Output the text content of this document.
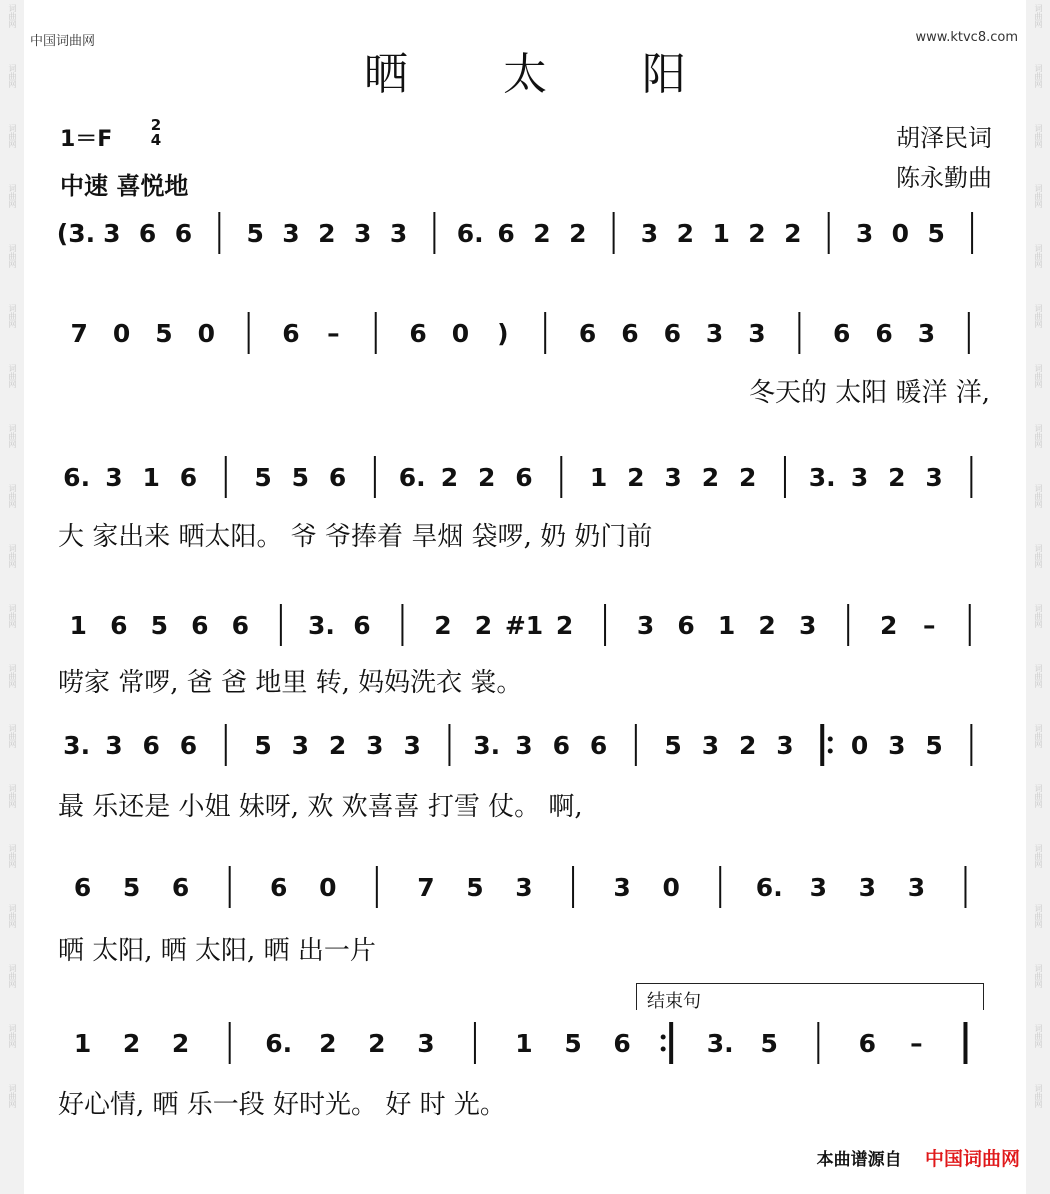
词曲网
词曲网
词曲网
词曲网
词曲网
词曲网
词曲网
词曲网
词曲网
词曲网
词曲网
词曲网
词曲网
词曲网
词曲网
词曲网
词曲网
词曲网
词曲网
词曲网
词曲网
词曲网
词曲网
词曲网
词曲网
词曲网
词曲网
词曲网
词曲网
词曲网
词曲网
词曲网
词曲网
词曲网
词曲网
词曲网
词曲网
词曲网
中国词曲网	www.ktvc8.com
晒太阳
1＝F
2
4
中速 喜悦地
胡泽民词
陈永勤曲
(3. 3 6 6 5 3 2 3 3 6. 6 2 2 3 2 1 2 2 3 0 5
7 0 5 0	6 –	6 0 )	6 6 6 3 3	6 6 3
冬天的 太阳 暖洋 洋,
6. 3 1 6 5 5 6 6. 2 2 6 1 2 3 2 2 3. 3 2 3
大 家出来 晒太阳。 爷 爷捧着 旱烟 袋啰, 奶 奶门前
1 6 5 6 6 3. 6	2 2 #1 2	3 6 1 2 3	2 –
唠家 常啰, 爸 爸 地里 转, 妈妈洗衣 裳。
3. 3 6 6 5 3 2 3 3 3. 3 6 6 5 3 2 3 0 3 5
最 乐还是 小姐 妹呀, 欢 欢喜喜 打雪 仗。 啊,
6 5 6	6 0	7 5 3	3 0	6. 3 3 3
晒 太阳, 晒 太阳, 晒 出一片
结束句
1 2 2	6. 2 2 3	1 5 6	3. 5	6 –
好心情, 晒 乐一段 好时光。 好 时 光。
本曲谱源自 中国词曲网
